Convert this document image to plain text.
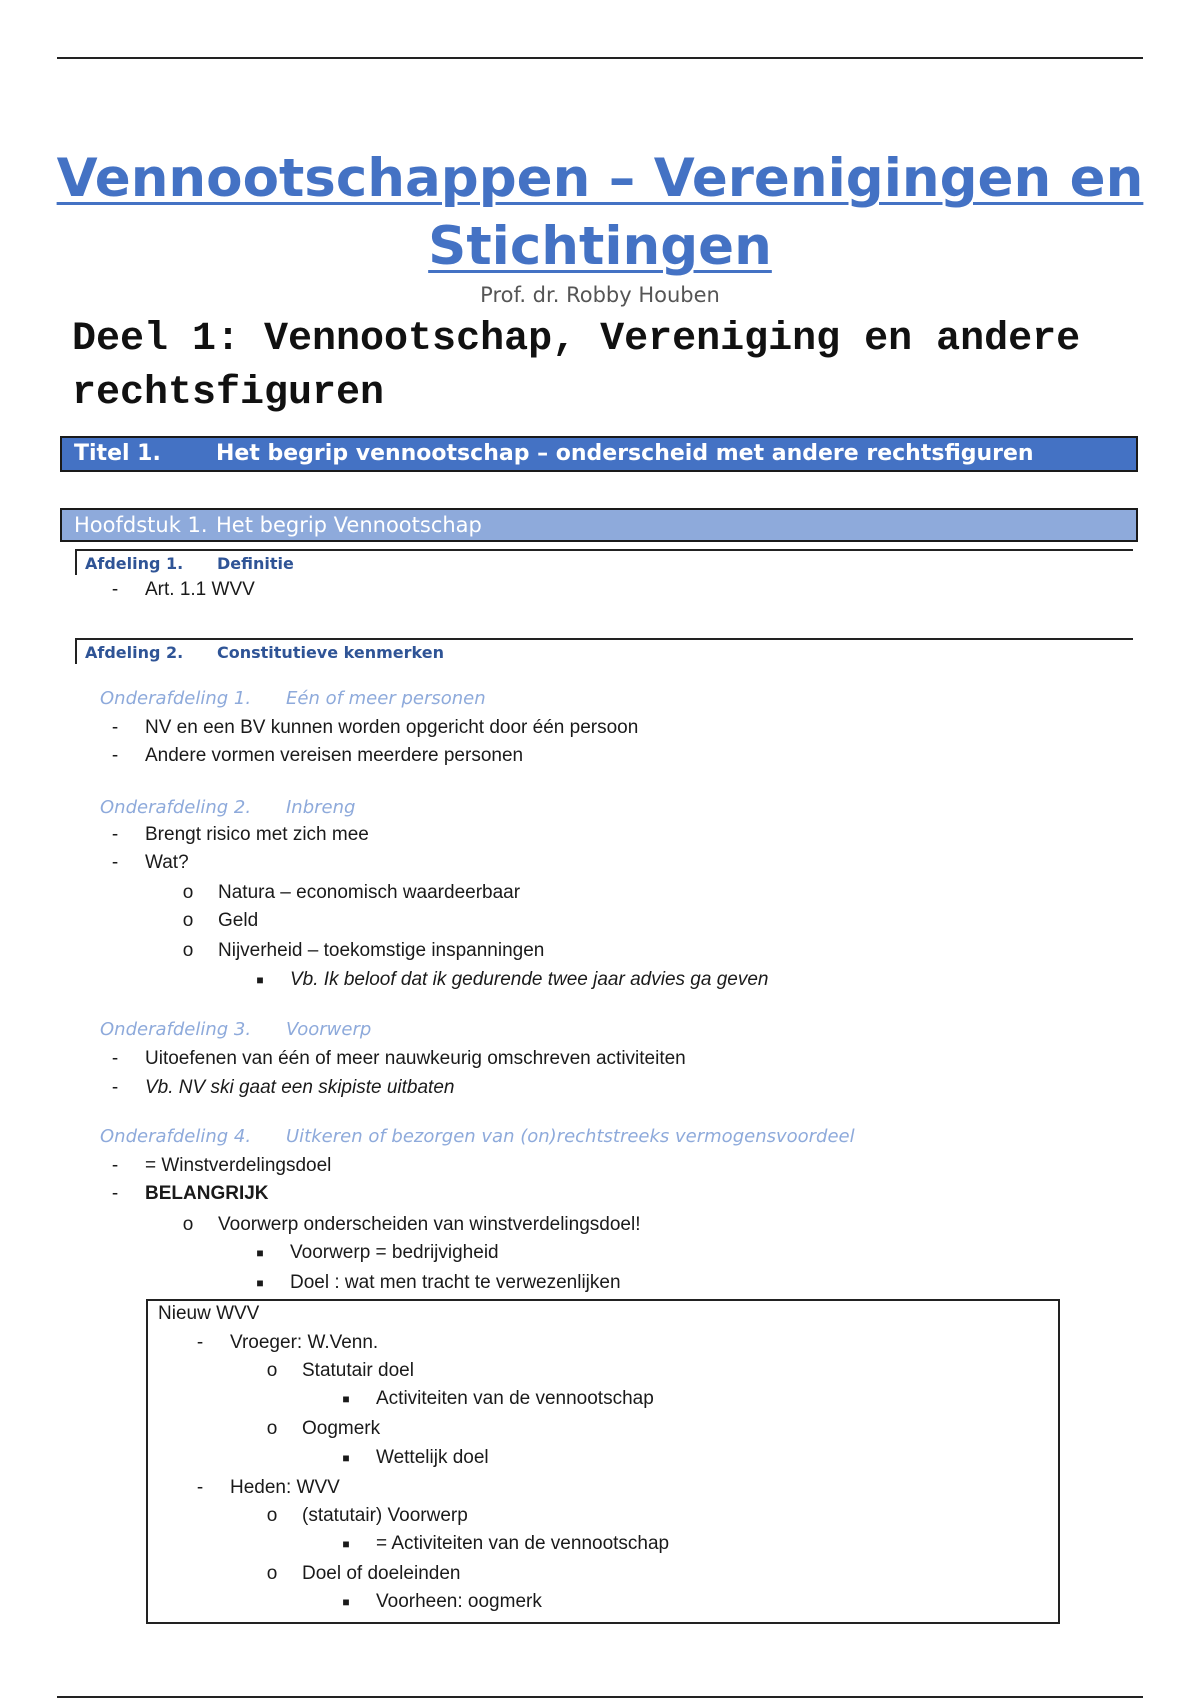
Vennootschappen – Verenigingen en
Stichtingen
Prof. dr. Robby Houben
Deel 1: Vennootschap, Vereniging en andere rechtsfiguren
Titel 1.	Het begrip vennootschap – onderscheid met andere rechtsfiguren
Hoofdstuk 1. Het begrip Vennootschap
Afdeling 1. Definitie
-	Art. 1.1 WVV
Afdeling 2. Constitutieve kenmerken
Onderafdeling 1. Eén of meer personen
-	NV en een BV kunnen worden opgericht door één persoon
-	Andere vormen vereisen meerdere personen
Onderafdeling 2. Inbreng
-	Brengt risico met zich mee
-	Wat?
o Natura – economisch waardeerbaar
o Geld
o Nijverheid – toekomstige inspanningen
■	Vb. Ik beloof dat ik gedurende twee jaar advies ga geven
Onderafdeling 3. Voorwerp
-	Uitoefenen van één of meer nauwkeurig omschreven activiteiten
-	Vb. NV ski gaat een skipiste uitbaten
Onderafdeling 4. Uitkeren of bezorgen van (on)rechtstreeks vermogensvoordeel
-	= Winstverdelingsdoel
-	BELANGRIJK
o Voorwerp onderscheiden van winstverdelingsdoel!
■	Voorwerp = bedrijvigheid
■	Doel : wat men tracht te verwezenlijken
Nieuw WVV
-	Vroeger: W.Venn.
o Statutair doel
■	Activiteiten van de vennootschap
o Oogmerk
■	Wettelijk doel
-	Heden: WVV
o (statutair) Voorwerp
■	= Activiteiten van de vennootschap
o Doel of doeleinden
■	Voorheen: oogmerk
